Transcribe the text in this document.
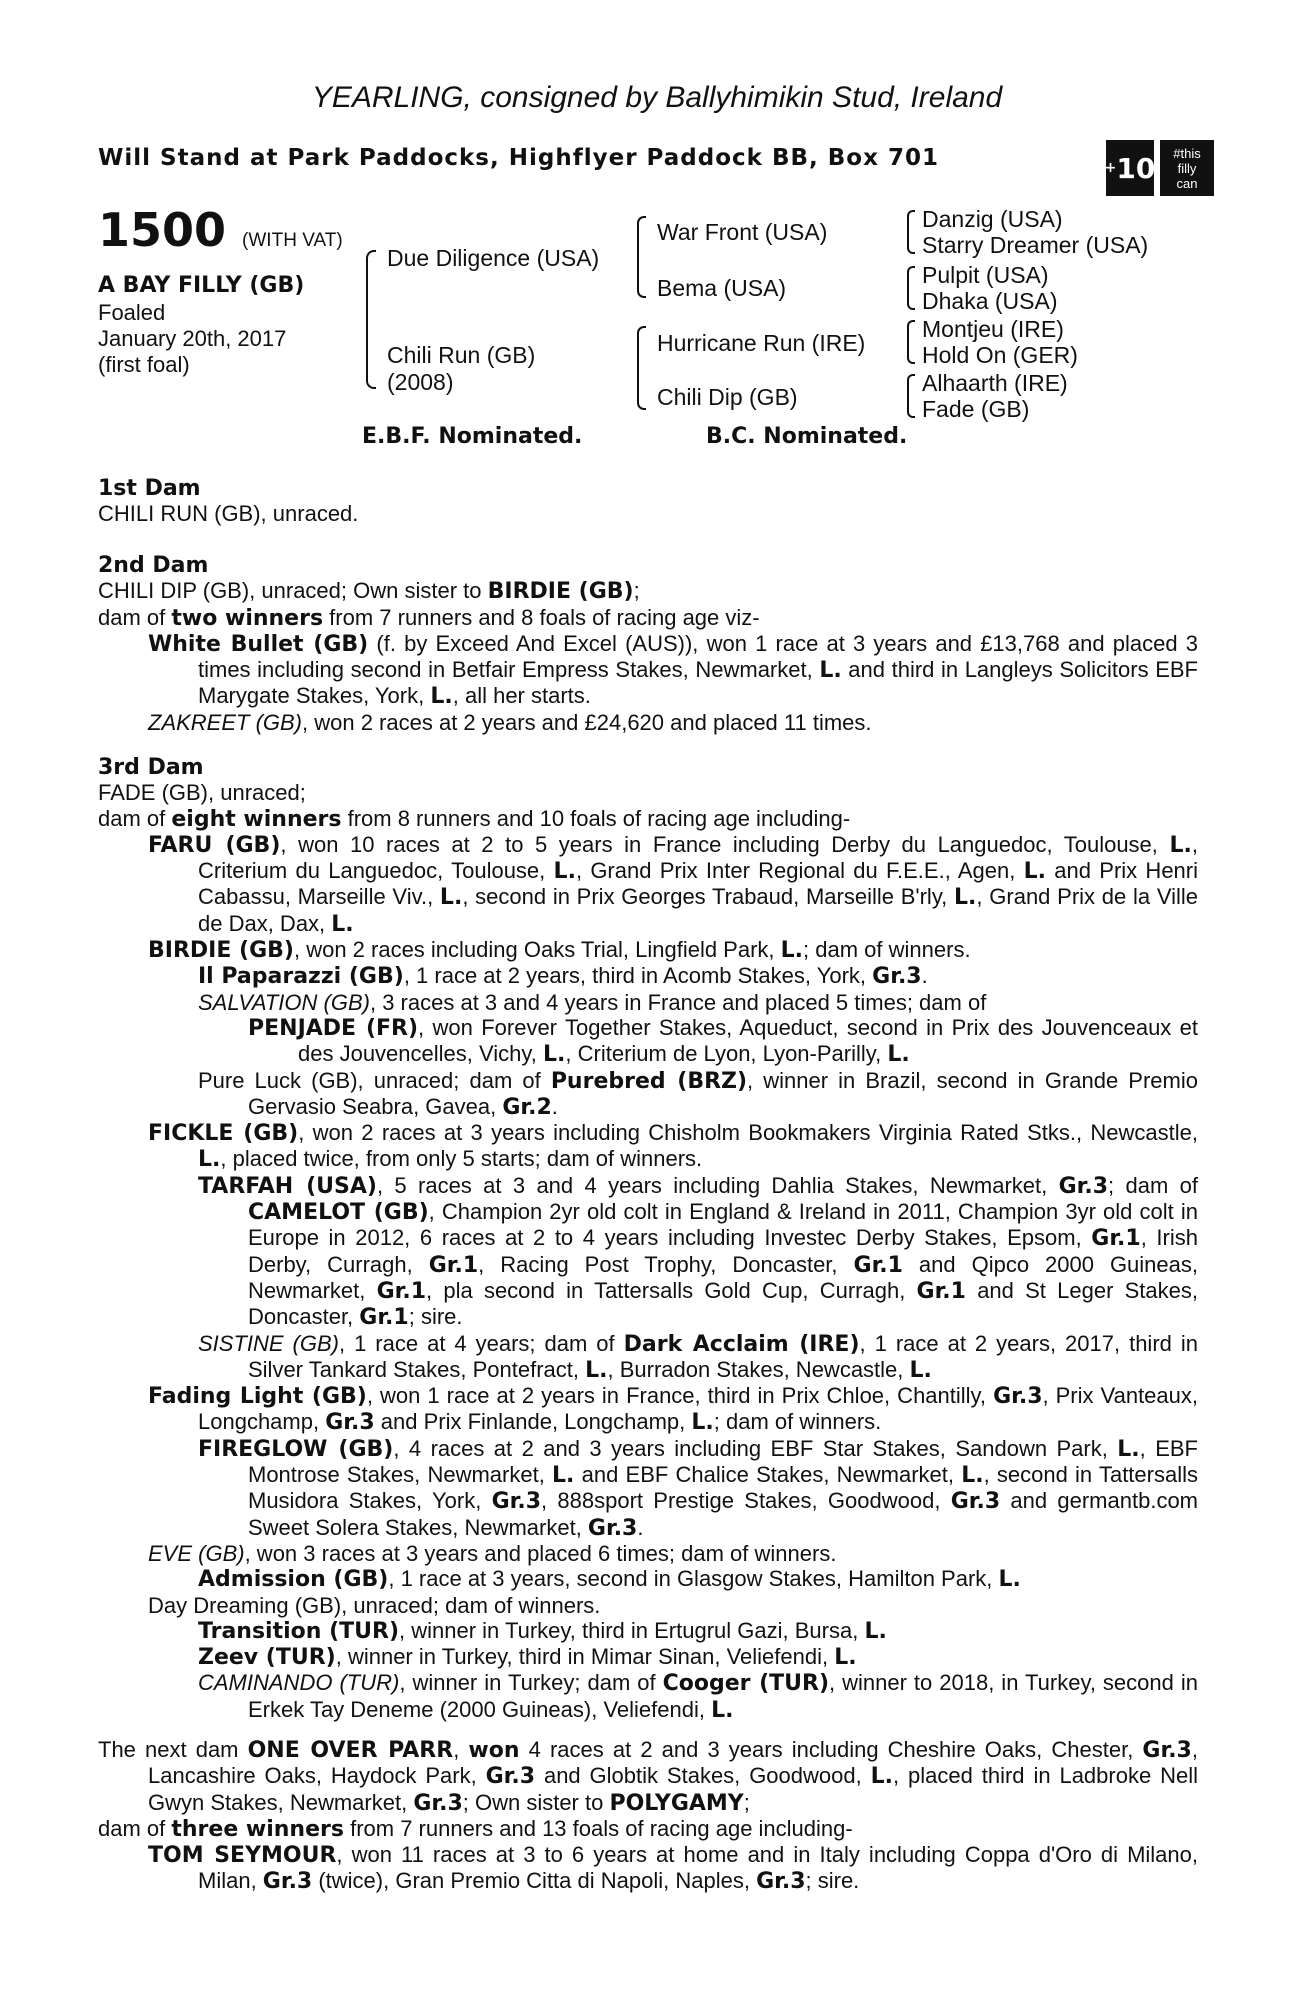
YEARLING, consigned by Ballyhimikin Stud, Ireland
Will Stand at Park Paddocks, Highflyer Paddock BB, Box 701	+ 10 #this
filly
can
1500 (WITH VAT)
A BAY FILLY (GB)
Foaled
January 20th, 2017
(first foal)
Due Diligence (USA)
Chili Run (GB)
(2008)
War Front (USA)
Bema (USA)
Hurricane Run (IRE)
Chili Dip (GB)
Danzig (USA)
Starry Dreamer (USA)
Pulpit (USA)
Dhaka (USA)
Montjeu (IRE)
Hold On (GER)
Alhaarth (IRE)
Fade (GB)
E.B.F. Nominated.	B.C. Nominated.

1st Dam

CHILI RUN (GB), unraced.

2nd Dam

CHILI DIP (GB), unraced; Own sister to BIRDIE (GB);

dam of two winners from 7 runners and 8 foals of racing age viz-

White Bullet (GB) (f. by Exceed And Excel (AUS)), won 1 race at 3 years and £13,768 and placed 3 times including second in Betfair Empress Stakes, Newmarket, L. and third in Langleys Solicitors EBF Marygate Stakes, York, L., all her starts.

ZAKREET (GB), won 2 races at 2 years and £24,620 and placed 11 times.

3rd Dam

FADE (GB), unraced;

dam of eight winners from 8 runners and 10 foals of racing age including-

FARU (GB), won 10 races at 2 to 5 years in France including Derby du Languedoc, Toulouse, L., Criterium du Languedoc, Toulouse, L., Grand Prix Inter Regional du F.E.E., Agen, L. and Prix Henri Cabassu, Marseille Viv., L., second in Prix Georges Trabaud, Marseille B'rly, L., Grand Prix de la Ville de Dax, Dax, L.

BIRDIE (GB), won 2 races including Oaks Trial, Lingfield Park, L.; dam of winners.

Il Paparazzi (GB), 1 race at 2 years, third in Acomb Stakes, York, Gr.3.

SALVATION (GB), 3 races at 3 and 4 years in France and placed 5 times; dam of

PENJADE (FR), won Forever Together Stakes, Aqueduct, second in Prix des Jouvenceaux et des Jouvencelles, Vichy, L., Criterium de Lyon, Lyon-Parilly, L.

Pure Luck (GB), unraced; dam of Purebred (BRZ), winner in Brazil, second in Grande Premio Gervasio Seabra, Gavea, Gr.2.

FICKLE (GB), won 2 races at 3 years including Chisholm Bookmakers Virginia Rated Stks., Newcastle, L., placed twice, from only 5 starts; dam of winners.

TARFAH (USA), 5 races at 3 and 4 years including Dahlia Stakes, Newmarket, Gr.3; dam of CAMELOT (GB), Champion 2yr old colt in England & Ireland in 2011, Champion 3yr old colt in Europe in 2012, 6 races at 2 to 4 years including Investec Derby Stakes, Epsom, Gr.1, Irish Derby, Curragh, Gr.1, Racing Post Trophy, Doncaster, Gr.1 and Qipco 2000 Guineas, Newmarket, Gr.1, pla second in Tattersalls Gold Cup, Curragh, Gr.1 and St Leger Stakes, Doncaster, Gr.1; sire.

SISTINE (GB), 1 race at 4 years; dam of Dark Acclaim (IRE), 1 race at 2 years, 2017, third in Silver Tankard Stakes, Pontefract, L., Burradon Stakes, Newcastle, L.

Fading Light (GB), won 1 race at 2 years in France, third in Prix Chloe, Chantilly, Gr.3, Prix Vanteaux, Longchamp, Gr.3 and Prix Finlande, Longchamp, L.; dam of winners.

FIREGLOW (GB), 4 races at 2 and 3 years including EBF Star Stakes, Sandown Park, L., EBF Montrose Stakes, Newmarket, L. and EBF Chalice Stakes, Newmarket, L., second in Tattersalls Musidora Stakes, York, Gr.3, 888sport Prestige Stakes, Goodwood, Gr.3 and germantb.com Sweet Solera Stakes, Newmarket, Gr.3.

EVE (GB), won 3 races at 3 years and placed 6 times; dam of winners.

Admission (GB), 1 race at 3 years, second in Glasgow Stakes, Hamilton Park, L.

Day Dreaming (GB), unraced; dam of winners.

Transition (TUR), winner in Turkey, third in Ertugrul Gazi, Bursa, L.

Zeev (TUR), winner in Turkey, third in Mimar Sinan, Veliefendi, L.

CAMINANDO (TUR), winner in Turkey; dam of Cooger (TUR), winner to 2018, in Turkey, second in Erkek Tay Deneme (2000 Guineas), Veliefendi, L.

The next dam ONE OVER PARR, won 4 races at 2 and 3 years including Cheshire Oaks, Chester, Gr.3, Lancashire Oaks, Haydock Park, Gr.3 and Globtik Stakes, Goodwood, L., placed third in Ladbroke Nell Gwyn Stakes, Newmarket, Gr.3; Own sister to POLYGAMY;

dam of three winners from 7 runners and 13 foals of racing age including-

TOM SEYMOUR, won 11 races at 3 to 6 years at home and in Italy including Coppa d'Oro di Milano, Milan, Gr.3 (twice), Gran Premio Citta di Napoli, Naples, Gr.3; sire.
